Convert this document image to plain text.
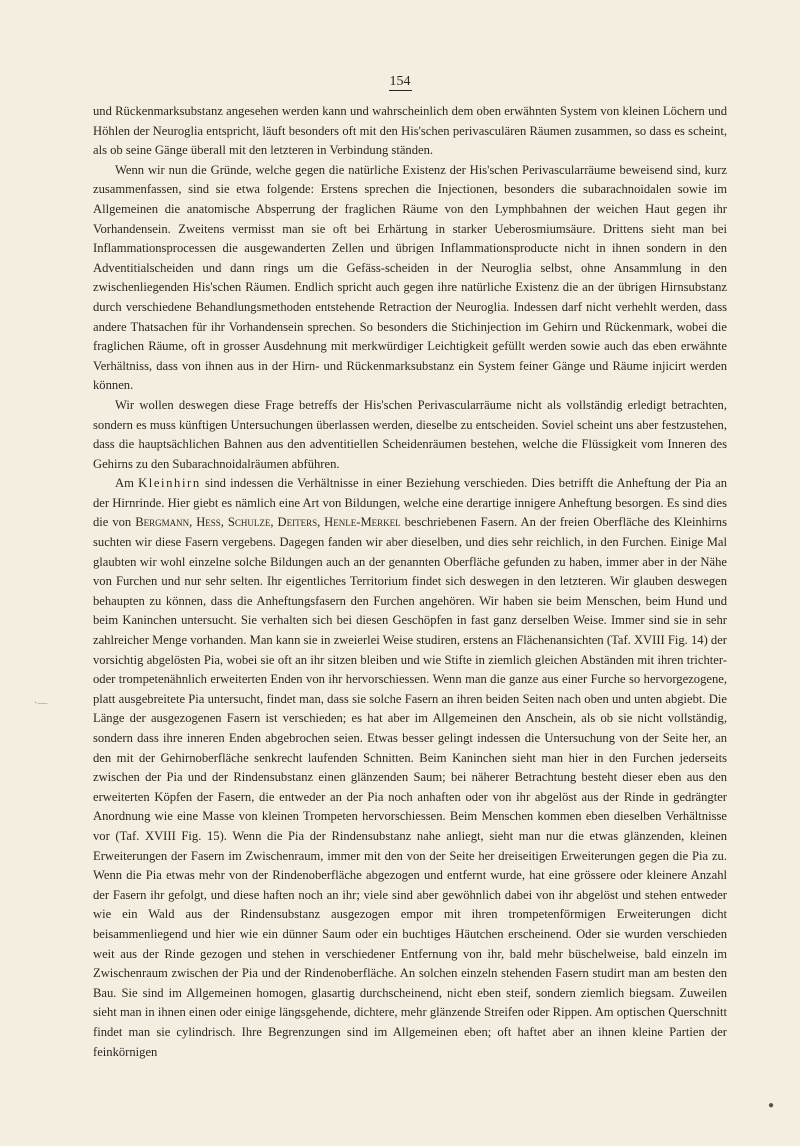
154

und Rückenmarksubstanz angesehen werden kann und wahrscheinlich dem oben erwähnten System von kleinen Löchern und Höhlen der Neuroglia entspricht, läuft besonders oft mit den His'schen perivasculären Räumen zusammen, so dass es scheint, als ob seine Gänge überall mit den letzteren in Verbindung ständen.

Wenn wir nun die Gründe, welche gegen die natürliche Existenz der His'schen Perivascularräume beweisend sind, kurz zusammenfassen, sind sie etwa folgende: Erstens sprechen die Injectionen, besonders die subarachnoidalen sowie im Allgemeinen die anatomische Absperrung der fraglichen Räume von den Lymphbahnen der weichen Haut gegen ihr Vorhandensein. Zweitens vermisst man sie oft bei Erhärtung in starker Ueberosmiumsäure. Drittens sieht man bei Inflammationsprocessen die ausgewanderten Zellen und übrigen Inflammationsproducte nicht in ihnen sondern in den Adventitialscheiden und dann rings um die Gefäss-scheiden in der Neuroglia selbst, ohne Ansammlung in den zwischenliegenden His'schen Räumen. Endlich spricht auch gegen ihre natürliche Existenz die an der übrigen Hirnsubstanz durch verschiedene Behandlungsmethoden entstehende Retraction der Neuroglia. Indessen darf nicht verhehlt werden, dass andere Thatsachen für ihr Vorhandensein sprechen. So besonders die Stichinjection im Gehirn und Rückenmark, wobei die fraglichen Räume, oft in grosser Ausdehnung mit merkwürdiger Leichtigkeit gefüllt werden sowie auch das eben erwähnte Verhältniss, dass von ihnen aus in der Hirn- und Rückenmarksubstanz ein System feiner Gänge und Räume injicirt werden können.

Wir wollen deswegen diese Frage betreffs der His'schen Perivascularräume nicht als vollständig erledigt betrachten, sondern es muss künftigen Untersuchungen überlassen werden, dieselbe zu entscheiden. Soviel scheint uns aber festzustehen, dass die hauptsächlichen Bahnen aus den adventitiellen Scheidenräumen bestehen, welche die Flüssigkeit vom Inneren des Gehirns zu den Subarachnoidalräumen abführen.

Am Kleinhirn sind indessen die Verhältnisse in einer Beziehung verschieden. Dies betrifft die Anheftung der Pia an der Hirnrinde. Hier giebt es nämlich eine Art von Bildungen, welche eine derartige innigere Anheftung besorgen. Es sind dies die von Bergmann, Hess, Schulze, Deiters, Henle-Merkel beschriebenen Fasern. An der freien Oberfläche des Kleinhirns suchten wir diese Fasern vergebens. Dagegen fanden wir aber dieselben, und dies sehr reichlich, in den Furchen. Einige Mal glaubten wir wohl einzelne solche Bildungen auch an der genannten Oberfläche gefunden zu haben, immer aber in der Nähe von Furchen und nur sehr selten. Ihr eigentliches Territorium findet sich deswegen in den letzteren. Wir glauben deswegen behaupten zu können, dass die Anheftungsfasern den Furchen angehören. Wir haben sie beim Menschen, beim Hund und beim Kaninchen untersucht. Sie verhalten sich bei diesen Geschöpfen in fast ganz derselben Weise. Immer sind sie in sehr zahlreicher Menge vorhanden. Man kann sie in zweierlei Weise studiren, erstens an Flächenansichten (Taf. XVIII Fig. 14) der vorsichtig abgelösten Pia, wobei sie oft an ihr sitzen bleiben und wie Stifte in ziemlich gleichen Abständen mit ihren trichter- oder trompetenähnlich erweiterten Enden von ihr hervorschiessen. Wenn man die ganze aus einer Furche so hervorgezogene, platt ausgebreitete Pia untersucht, findet man, dass sie solche Fasern an ihren beiden Seiten nach oben und unten abgiebt. Die Länge der ausgezogenen Fasern ist verschieden; es hat aber im Allgemeinen den Anschein, als ob sie nicht vollständig, sondern dass ihre inneren Enden abgebrochen seien. Etwas besser gelingt indessen die Untersuchung von der Seite her, an den mit der Gehirnoberfläche senkrecht laufenden Schnitten. Beim Kaninchen sieht man hier in den Furchen jederseits zwischen der Pia und der Rindensubstanz einen glänzenden Saum; bei näherer Betrachtung besteht dieser eben aus den erweiterten Köpfen der Fasern, die entweder an der Pia noch anhaften oder von ihr abgelöst aus der Rinde in gedrängter Anordnung wie eine Masse von kleinen Trompeten hervorschiessen. Beim Menschen kommen eben dieselben Verhältnisse vor (Taf. XVIII Fig. 15). Wenn die Pia der Rindensubstanz nahe anliegt, sieht man nur die etwas glänzenden, kleinen Erweiterungen der Fasern im Zwischenraum, immer mit den von der Seite her dreiseitigen Erweiterungen gegen die Pia zu. Wenn die Pia etwas mehr von der Rindenoberfläche abgezogen und entfernt wurde, hat eine grössere oder kleinere Anzahl der Fasern ihr gefolgt, und diese haften noch an ihr; viele sind aber gewöhnlich dabei von ihr abgelöst und stehen entweder wie ein Wald aus der Rindensubstanz ausgezogen empor mit ihren trompetenförmigen Erweiterungen dicht beisammenliegend und hier wie ein dünner Saum oder ein buchtiges Häutchen erscheinend. Oder sie wurden verschieden weit aus der Rinde gezogen und stehen in verschiedener Entfernung von ihr, bald mehr büschelweise, bald einzeln im Zwischenraum zwischen der Pia und der Rindenoberfläche. An solchen einzeln stehenden Fasern studirt man am besten den Bau. Sie sind im Allgemeinen homogen, glasartig durchscheinend, nicht eben steif, sondern ziemlich biegsam. Zuweilen sieht man in ihnen einen oder einige längsgehende, dichtere, mehr glänzende Streifen oder Rippen. Am optischen Querschnitt findet man sie cylindrisch. Ihre Begrenzungen sind im Allgemeinen eben; oft haftet aber an ihnen kleine Partien der feinkörnigen

·—
●
